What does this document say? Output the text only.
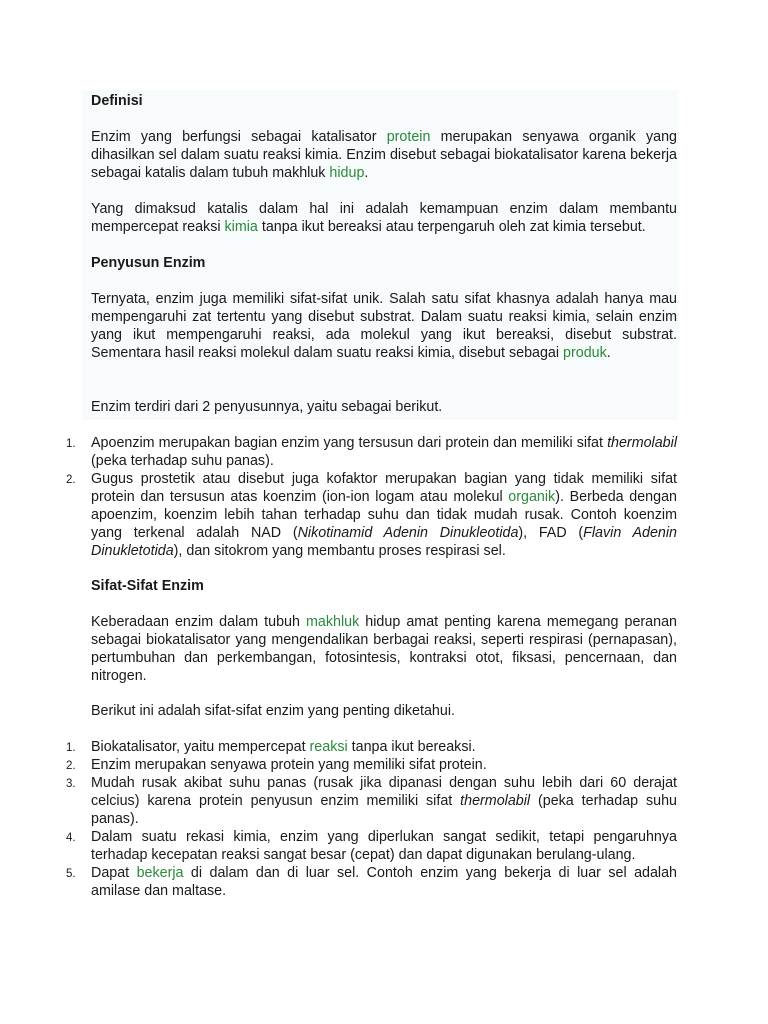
Definisi

Enzim yang berfungsi sebagai katalisator protein merupakan senyawa organik yang dihasilkan sel dalam suatu reaksi kimia. Enzim disebut sebagai biokatalisator karena bekerja sebagai katalis dalam tubuh makhluk hidup.

Yang dimaksud katalis dalam hal ini adalah kemampuan enzim dalam membantu mempercepat reaksi kimia tanpa ikut bereaksi atau terpengaruh oleh zat kimia tersebut.

Penyusun Enzim

Ternyata, enzim juga memiliki sifat-sifat unik. Salah satu sifat khasnya adalah hanya mau mempengaruhi zat tertentu yang disebut substrat. Dalam suatu reaksi kimia, selain enzim yang ikut mempengaruhi reaksi, ada molekul yang ikut bereaksi, disebut substrat. Sementara hasil reaksi molekul dalam suatu reaksi kimia, disebut sebagai produk.

Enzim terdiri dari 2 penyusunnya, yaitu sebagai berikut.

1.	Apoenzim merupakan bagian enzim yang tersusun dari protein dan memiliki sifat thermolabil (peka terhadap suhu panas).
2.	Gugus prostetik atau disebut juga kofaktor merupakan bagian yang tidak memiliki sifat protein dan tersusun atas koenzim (ion-ion logam atau molekul organik). Berbeda dengan apoenzim, koenzim lebih tahan terhadap suhu dan tidak mudah rusak. Contoh koenzim yang terkenal adalah NAD (Nikotinamid Adenin Dinukleotida), FAD (Flavin Adenin Dinukletotida), dan sitokrom yang membantu proses respirasi sel.
Sifat-Sifat Enzim

Keberadaan enzim dalam tubuh makhluk hidup amat penting karena memegang peranan sebagai biokatalisator yang mengendalikan berbagai reaksi, seperti respirasi (pernapasan), pertumbuhan dan perkembangan, fotosintesis, kontraksi otot, fiksasi, pencernaan, dan nitrogen.

Berikut ini adalah sifat-sifat enzim yang penting diketahui.

1.	Biokatalisator, yaitu mempercepat reaksi tanpa ikut bereaksi.
2.	Enzim merupakan senyawa protein yang memiliki sifat protein.
3.	Mudah rusak akibat suhu panas (rusak jika dipanasi dengan suhu lebih dari 60 derajat celcius) karena protein penyusun enzim memiliki sifat thermolabil (peka terhadap suhu panas).
4.	Dalam suatu rekasi kimia, enzim yang diperlukan sangat sedikit, tetapi pengaruhnya terhadap kecepatan reaksi sangat besar (cepat) dan dapat digunakan berulang-ulang.
5.	Dapat bekerja di dalam dan di luar sel. Contoh enzim yang bekerja di luar sel adalah amilase dan maltase.
